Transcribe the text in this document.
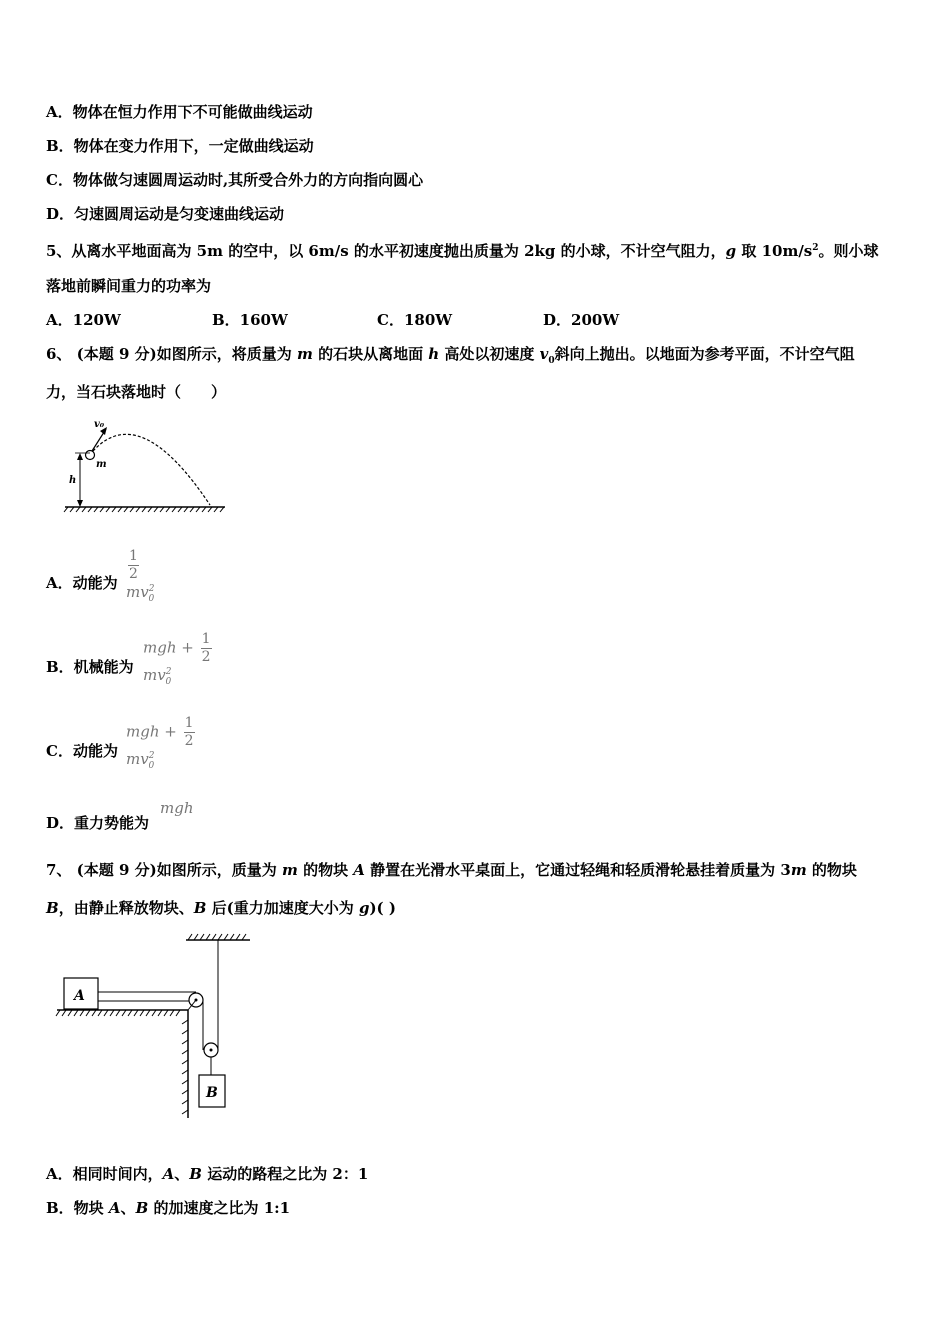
A．物体在恒力作用下不可能做曲线运动
B．物体在变力作用下，一定做曲线运动
C．物体做匀速圆周运动时,其所受合外力的方向指向圆心
D．匀速圆周运动是匀变速曲线运动
5、从离水平地面高为 5m 的空中，以 6m/s 的水平初速度抛出质量为 2kg 的小球，不计空气阻力，g 取 $10m/s^2$。则小球
落地前瞬间重力的功率为
A．120W	B．160W	C．180W	D．200W
6、 (本题 9 分)如图所示，将质量为 m 的石块从离地面 h 高处以初速度 $v_0$斜向上抛出。以地面为参考平面，不计空气阻
力，当石块落地时（　　）
v₀
m
h
A．动能为 $\frac{1}{2}$
$mv^2_0$
B．机械能为
mgh + $\frac{1}{2}$
$mv^2_0$
C．动能为
mgh + $\frac{1}{2}$
$mv^2_0$
D．重力势能为
mgh
7、 (本题 9 分)如图所示，质量为 m 的物块 A 静置在光滑水平桌面上，它通过轻绳和轻质滑轮悬挂着质量为 3m 的物块
B，由静止释放物块、B 后(重力加速度大小为 g)( )
A
B
A．相同时间内，A、B 运动的路程之比为 2：1
B．物块 A、B 的加速度之比为 1:1
